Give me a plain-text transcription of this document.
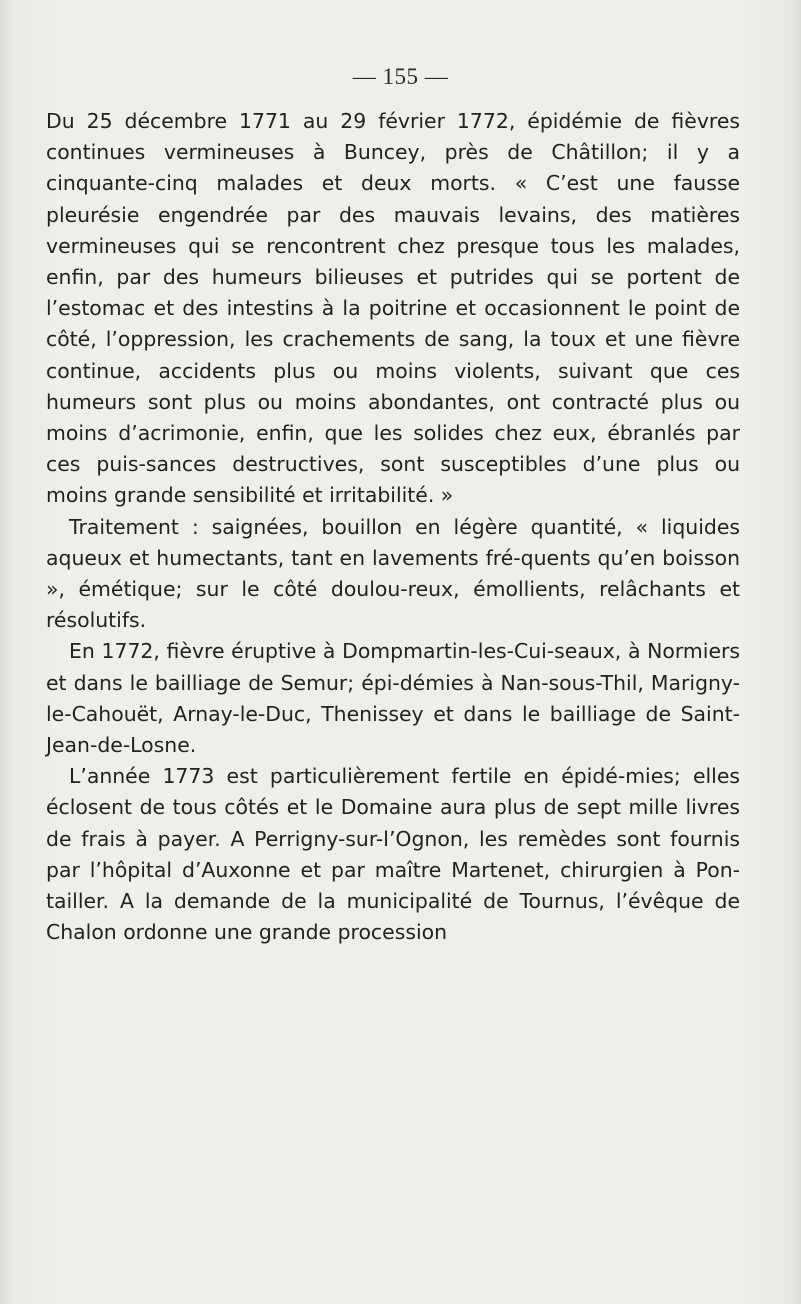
— 155 —

Du 25 décembre 1771 au 29 février 1772, épidémie de fièvres continues vermineuses à Buncey, près de Châtillon; il y a cinquante-cinq malades et deux morts. « C’est une fausse pleurésie engendrée par des mauvais levains, des matières vermineuses qui se rencontrent chez presque tous les malades, enfin, par des humeurs bilieuses et putrides qui se portent de l’estomac et des intestins à la poitrine et occasionnent le point de côté, l’oppression, les crachements de sang, la toux et une fièvre continue, accidents plus ou moins violents, suivant que ces humeurs sont plus ou moins abondantes, ont contracté plus ou moins d’acrimonie, enfin, que les solides chez eux, ébranlés par ces puis-sances destructives, sont susceptibles d’une plus ou moins grande sensibilité et irritabilité. »

Traitement : saignées, bouillon en légère quantité, « liquides aqueux et humectants, tant en lavements fré-quents qu’en boisson », émétique; sur le côté doulou-reux, émollients, relâchants et résolutifs.

En 1772, fièvre éruptive à Dompmartin-les-Cui-seaux, à Normiers et dans le bailliage de Semur; épi-démies à Nan-sous-Thil, Marigny-le-Cahouët, Arnay-le-Duc, Thenissey et dans le bailliage de Saint-Jean-de-Losne.

L’année 1773 est particulièrement fertile en épidé-mies; elles éclosent de tous côtés et le Domaine aura plus de sept mille livres de frais à payer. A Perrigny-sur-l’Ognon, les remèdes sont fournis par l’hôpital d’Auxonne et par maître Martenet, chirurgien à Pon-tailler. A la demande de la municipalité de Tournus, l’évêque de Chalon ordonne une grande procession
